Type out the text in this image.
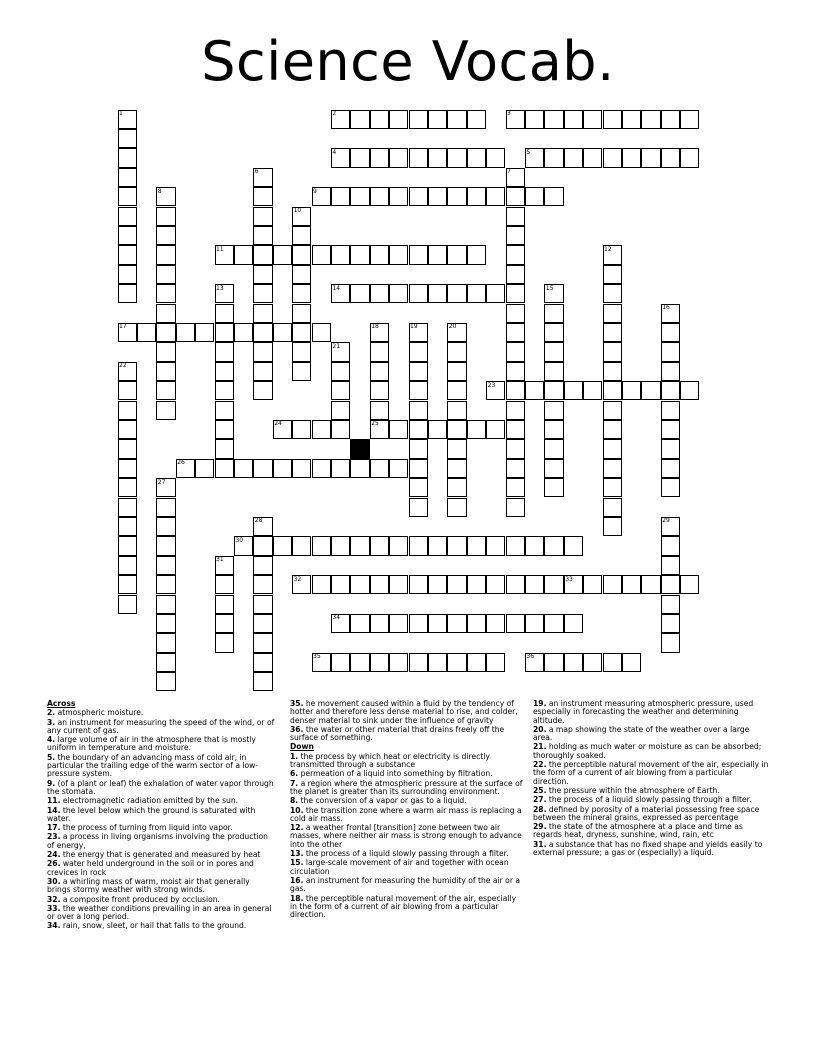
Science Vocab.
1	2	3
4	5
6	7
8	9
10
11	12
13	14	15
16
17	18	19	20
21
22
23
24	25
26
27
28	29
30
31
32	33
34
35	36
Across
2. atmospheric moisture.
3. an instrument for measuring the speed of the wind, or of any current of gas.
4. large volume of air in the atmosphere that is mostly uniform in temperature and moisture.
5. the boundary of an advancing mass of cold air, in particular the trailing edge of the warm sector of a low-pressure system.
9. (of a plant or leaf) the exhalation of water vapor through the stomata.
11. electromagnetic radiation emitted by the sun.
14. the level below which the ground is saturated with water.
17. the process of turning from liquid into vapor.
23. a process in living organisms involving the production of energy,
24. the energy that is generated and measured by heat
26. water held underground in the soil or in pores and crevices in rock
30. a whirling mass of warm, moist air that generally brings stormy weather with strong winds.
32. a composite front produced by occlusion.
33. the weather conditions prevailing in an area in general or over a long period.
34. rain, snow, sleet, or hail that falls to the ground.
35. he movement caused within a fluid by the tendency of hotter and therefore less dense material to rise, and colder, denser material to sink under the influence of gravity
36. the water or other material that drains freely off the surface of something.
Down
1. the process by which heat or electricity is directly transmitted through a substance
6. permeation of a liquid into something by filtration.
7. a region where the atmospheric pressure at the surface of the planet is greater than its surrounding environment.
8. the conversion of a vapor or gas to a liquid.
10. the transition zone where a warm air mass is replacing a cold air mass.
12. a weather frontal [transition] zone between two air masses, where neither air mass is strong enough to advance into the other
13. the process of a liquid slowly passing through a filter.
15. large-scale movement of air and together with ocean circulation
16. an instrument for measuring the humidity of the air or a gas.
18. the perceptible natural movement of the air, especially in the form of a current of air blowing from a particular direction.
19. an instrument measuring atmospheric pressure, used especially in forecasting the weather and determining altitude.
20. a map showing the state of the weather over a large area.
21. holding as much water or moisture as can be absorbed; thoroughly soaked.
22. the perceptible natural movement of the air, especially in the form of a current of air blowing from a particular direction.
25. the pressure within the atmosphere of Earth.
27. the process of a liquid slowly passing through a filter.
28. defined by porosity of a material possessing free space between the mineral grains, expressed as percentage
29. the state of the atmosphere at a place and time as regards heat, dryness, sunshine, wind, rain, etc
31. a substance that has no fixed shape and yields easily to external pressure; a gas or (especially) a liquid.
